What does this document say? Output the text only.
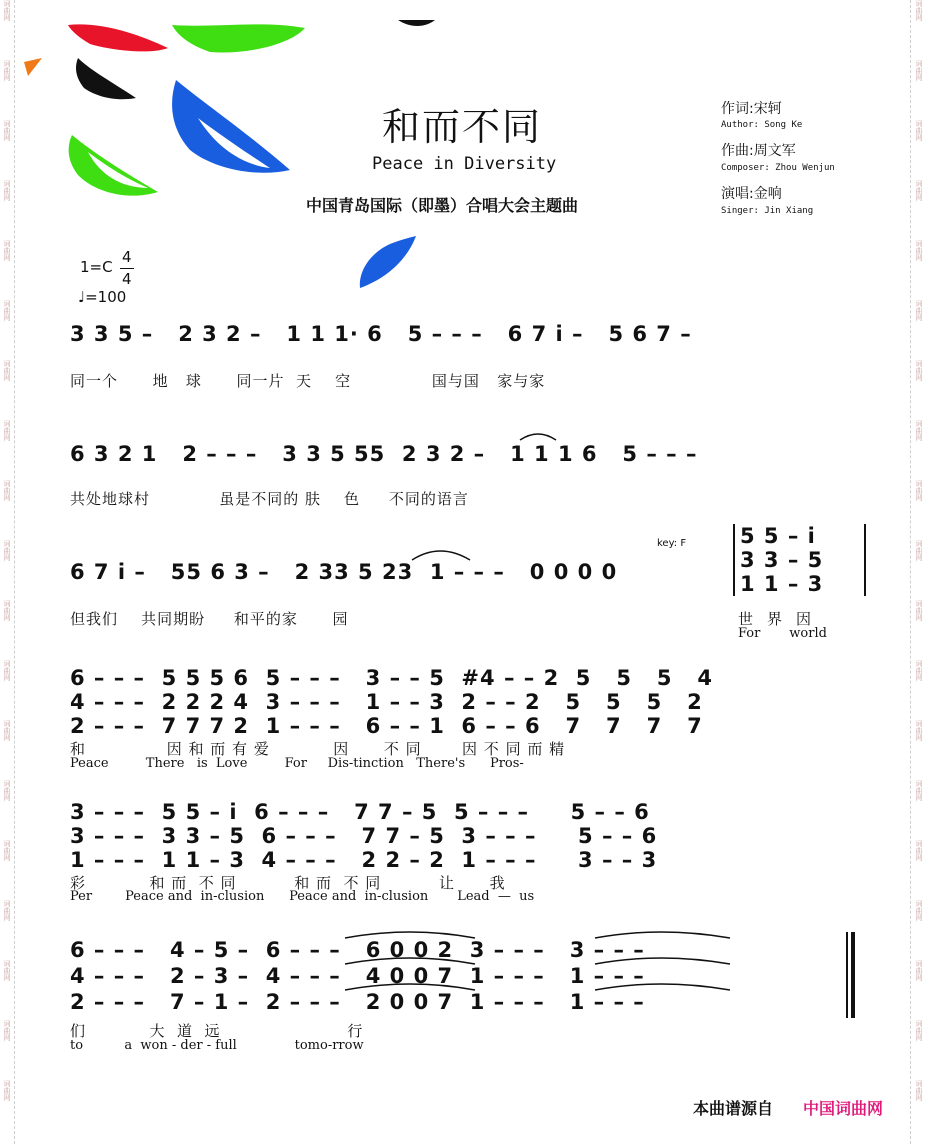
和而不同
Peace in Diversity
中国青岛国际（即墨）合唱大会主题曲
作词:宋轲
Author: Song Ke
作曲:周文军
Composer: Zhou Wenjun
演唱:金响
Singer: Jin Xiang
1=C
4
4
♩=100
3 3 5 –   2 3 2 –   1 1 1· 6   5 – – –   6 7 i –   5 6 7 –
同一个      地   球      同一片  天    空              国与国   家与家
6 3 2 1   2 – – –   3 3 5 55  2 3 2 –   1 1 1 6   5 – – –
共处地球村            虽是不同的 肤    色     不同的语言
6 7 i –   55 6 3 –   2 33 5 23  1 – – –   0 0 0 0
key: F	5 5 – i
3 3 – 5
1 1 – 3
但我们    共同期盼     和平的家      园	世界因
For       world
6 – – –  5 5 5 6  5 – – –   3 – – 5  #4 – – 2  5   5   5   4
4 – – –  2 2 2 4  3 – – –   1 – – 3  2 – – 2   5   5   5   2
2 – – –  7 7 7 2  1 – – –   6 – – 1  6 – – 6   7   7   7   7
和              因 和 而 有 爱           因      不 同       因 不 同 而 精
Peace         There   is  Love         For     Dis-tinction   There's      Pros-
3 – – –  5 5 – i  6 – – –   7 7 – 5  5 – – –     5 – – 6
3 – – –  3 3 – 5  6 – – –   7 7 – 5  3 – – –     5 – – 6
1 – – –  1 1 – 3  4 – – –   2 2 – 2  1 – – –     3 – – 3
彩           和 而  不 同          和 而  不 同          让      我
Per        Peace and  in-clusion      Peace and  in-clusion       Lead  —  us
6 – – –   4 – 5 –  6 – – –   6 0 0 2  3 – – –   3 – – –
4 – – –   2 – 3 –  4 – – –   4 0 0 7  1 – – –   1 – – –
2 – – –   7 – 1 –  2 – – –   2 0 0 7  1 – – –   1 – – –
们           大  道  远                      行
to          a  won - der - full              tomo-rrow
本曲谱源自 中国词曲网
词曲网
词曲网
词曲网
词曲网
词曲网
词曲网
词曲网
词曲网
词曲网
词曲网
词曲网
词曲网
词曲网
词曲网
词曲网
词曲网
词曲网
词曲网
词曲网
词曲网
词曲网
词曲网
词曲网
词曲网
词曲网
词曲网
词曲网
词曲网
词曲网
词曲网
词曲网
词曲网
词曲网
词曲网
词曲网
词曲网
词曲网
词曲网
